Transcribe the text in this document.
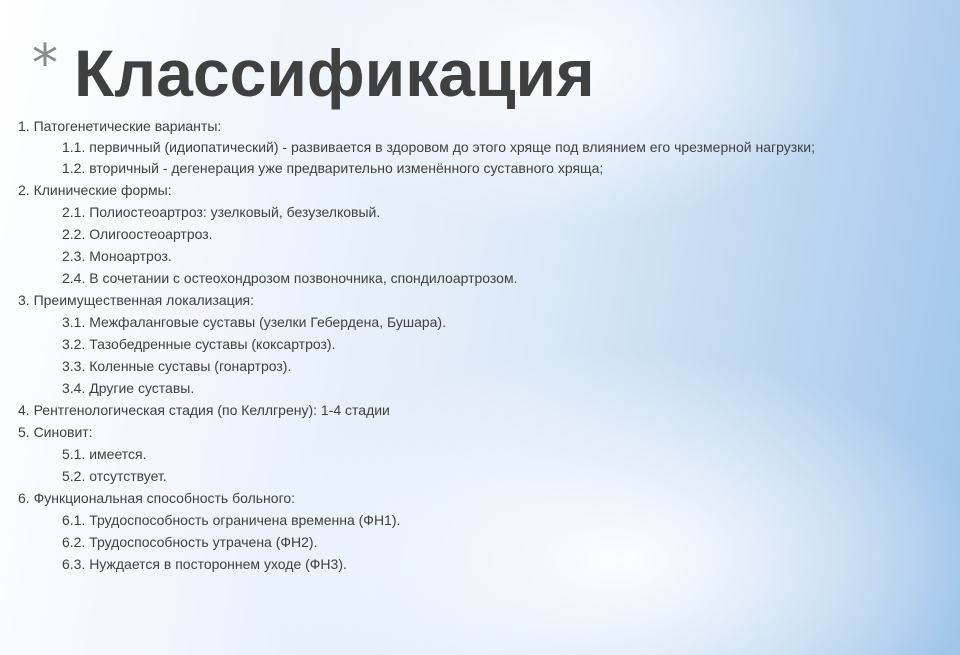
* Классификация

1. Патогенетические варианты:

1.1. первичный (идиопатический) - развивается в здоровом до этого хряще под влиянием его чрезмерной нагрузки;

1.2. вторичный - дегенерация уже предварительно изменённого суставного хряща;

2. Клинические формы:

2.1. Полиостеоартроз: узелковый, безузелковый.

2.2. Олигоостеоартроз.

2.3. Моноартроз.

2.4. В сочетании с остеохондрозом позвоночника, спондилоартрозом.

3. Преимущественная локализация:

3.1. Межфаланговые суставы (узелки Гебердена, Бушара).

3.2. Тазобедренные суставы (коксартроз).

3.3. Коленные суставы (гонартроз).

3.4. Другие суставы.

4. Рентгенологическая стадия (по Келлгрену): 1-4 стадии

5. Синовит:

5.1. имеется.

5.2. отсутствует.

6. Функциональная способность больного:

6.1. Трудоспособность ограничена временна (ФН1).

6.2. Трудоспособность утрачена (ФН2).

6.3. Нуждается в постороннем уходе (ФН3).
